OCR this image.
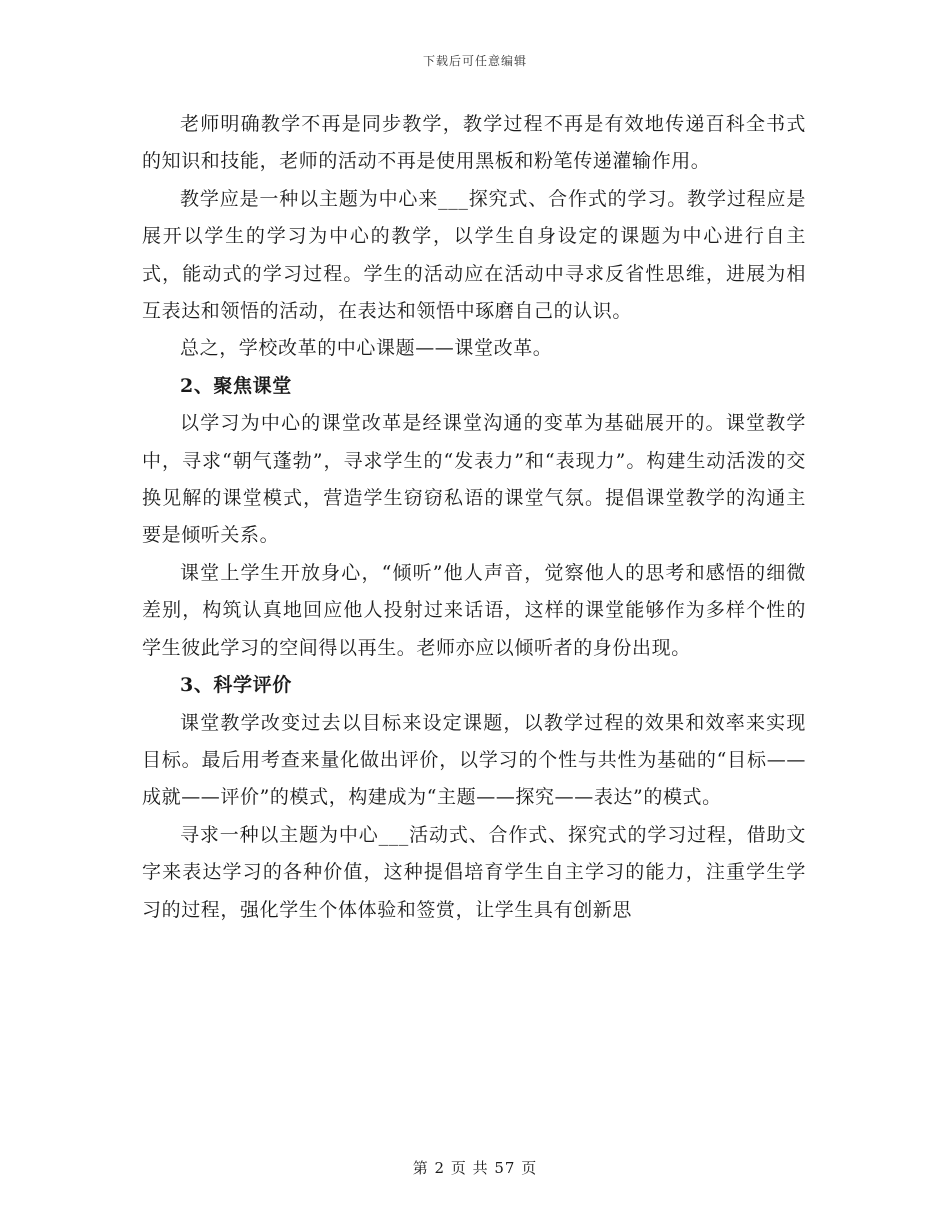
下载后可任意编辑

老师明确教学不再是同步教学，教学过程不再是有效地传递百科全书式的知识和技能，老师的活动不再是使用黑板和粉笔传递灌输作用。

教学应是一种以主题为中心来___探究式、合作式的学习。教学过程应是展开以学生的学习为中心的教学，以学生自身设定的课题为中心进行自主式，能动式的学习过程。学生的活动应在活动中寻求反省性思维，进展为相互表达和领悟的活动，在表达和领悟中琢磨自己的认识。

总之，学校改革的中心课题——课堂改革。

2、聚焦课堂

以学习为中心的课堂改革是经课堂沟通的变革为基础展开的。课堂教学中，寻求“朝气蓬勃”，寻求学生的“发表力”和“表现力”。构建生动活泼的交换见解的课堂模式，营造学生窃窃私语的课堂气氛。提倡课堂教学的沟通主要是倾听关系。

课堂上学生开放身心，“倾听”他人声音，觉察他人的思考和感悟的细微差别，构筑认真地回应他人投射过来话语，这样的课堂能够作为多样个性的学生彼此学习的空间得以再生。老师亦应以倾听者的身份出现。

3、科学评价

课堂教学改变过去以目标来设定课题，以教学过程的效果和效率来实现目标。最后用考查来量化做出评价，以学习的个性与共性为基础的“目标——成就——评价”的模式，构建成为“主题——探究——表达”的模式。

寻求一种以主题为中心___活动式、合作式、探究式的学习过程，借助文字来表达学习的各种价值，这种提倡培育学生自主学习的能力，注重学生学习的过程，强化学生个体体验和签赏，让学生具有创新思

第 2 页 共 57 页
